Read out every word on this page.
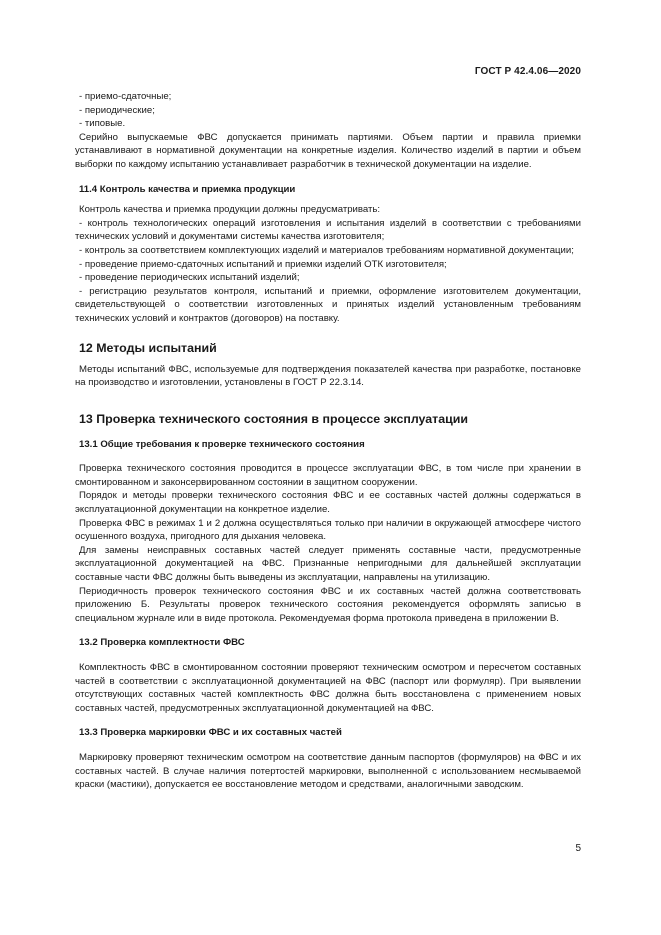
ГОСТ Р 42.4.06—2020

- приемо-сдаточные;

- периодические;

- типовые.

Серийно выпускаемые ФВС допускается принимать партиями. Объем партии и правила приемки устанавливают в нормативной документации на конкретные изделия. Количество изделий в партии и объем выборки по каждому испытанию устанавливает разработчик в технической документации на изделие.

11.4 Контроль качества и приемка продукции

Контроль качества и приемка продукции должны предусматривать:

- контроль технологических операций изготовления и испытания изделий в соответствии с требованиями технических условий и документами системы качества изготовителя;

- контроль за соответствием комплектующих изделий и материалов требованиям нормативной документации;

- проведение приемо-сдаточных испытаний и приемки изделий ОТК изготовителя;

- проведение периодических испытаний изделий;

- регистрацию результатов контроля, испытаний и приемки, оформление изготовителем документации, свидетельствующей о соответствии изготовленных и принятых изделий установленным требованиям технических условий и контрактов (договоров) на поставку.

12 Методы испытаний

Методы испытаний ФВС, используемые для подтверждения показателей качества при разработке, постановке на производство и изготовлении, установлены в ГОСТ Р 22.3.14.

13 Проверка технического состояния в процессе эксплуатации
13.1 Общие требования к проверке технического состояния

Проверка технического состояния проводится в процессе эксплуатации ФВС, в том числе при хранении в смонтированном и законсервированном состоянии в защитном сооружении.

Порядок и методы проверки технического состояния ФВС и ее составных частей должны содержаться в эксплуатационной документации на конкретное изделие.

Проверка ФВС в режимах 1 и 2 должна осуществляться только при наличии в окружающей атмосфере чистого осушенного воздуха, пригодного для дыхания человека.

Для замены неисправных составных частей следует применять составные части, предусмотренные эксплуатационной документацией на ФВС. Признанные непригодными для дальнейшей эксплуатации составные части ФВС должны быть выведены из эксплуатации, направлены на утилизацию.

Периодичность проверок технического состояния ФВС и их составных частей должна соответствовать приложению Б. Результаты проверок технического состояния рекомендуется оформлять записью в специальном журнале или в виде протокола. Рекомендуемая форма протокола приведена в приложении В.

13.2 Проверка комплектности ФВС

Комплектность ФВС в смонтированном состоянии проверяют техническим осмотром и пересчетом составных частей в соответствии с эксплуатационной документацией на ФВС (паспорт или формуляр). При выявлении отсутствующих составных частей комплектность ФВС должна быть восстановлена с применением новых составных частей, предусмотренных эксплуатационной документацией на ФВС.

13.3 Проверка маркировки ФВС и их составных частей

Маркировку проверяют техническим осмотром на соответствие данным паспортов (формуляров) на ФВС и их составных частей. В случае наличия потертостей маркировки, выполненной с использованием несмываемой краски (мастики), допускается ее восстановление методом и средствами, аналогичными заводским.

5
